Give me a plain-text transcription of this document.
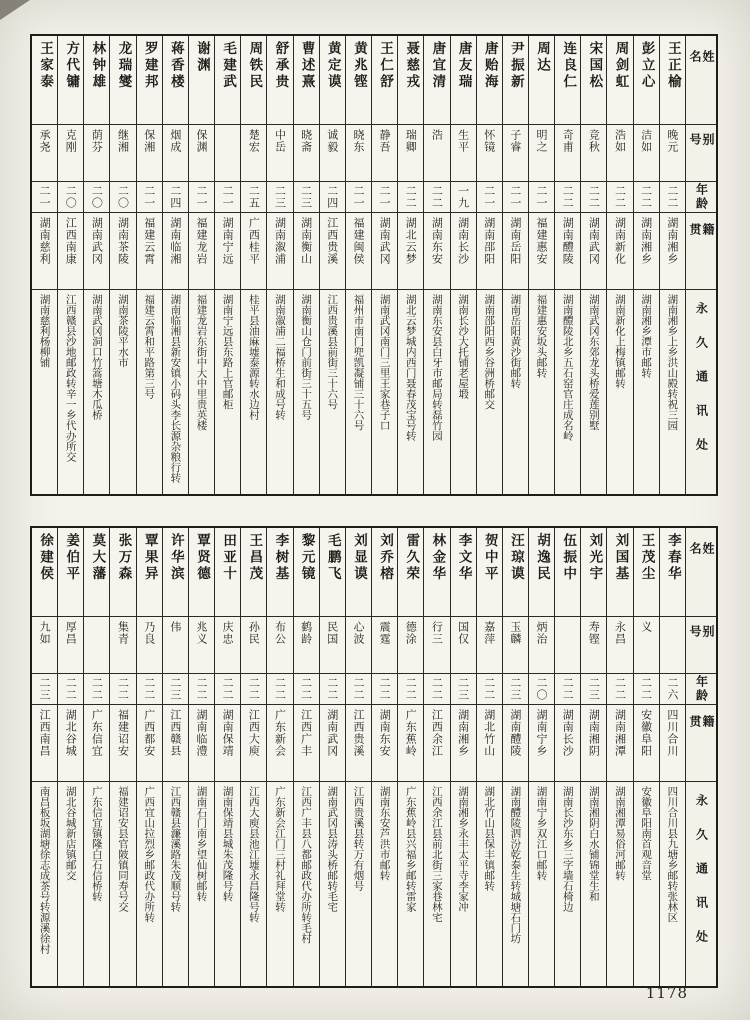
王家泰
承尧
二一
湖南慈利
湖南慈利杨柳铺
方代镛
克刚
二〇
江西南康
江西赣县沙地邮政转辛一乡代办所交
林钟雄
荫芬
二〇
湖南武冈
湖南武冈洞口竹篙塘木瓜桥
龙瑞燮
继湘
二〇
湖南茶陵
湖南茶陵平水市
罗建邦
保湘
二一
福建云霄
福建云霄和平路第三号
蒋香楼
烟成
二四
湖南临湘
湖南临湘县新安镇小码头李长源杂粮行转
谢渊
保渊
二一
福建龙岩
福建龙岩东街中大中里贵英楼
毛建武
二一
湖南宁远
湖南宁远县东路上官邮柜
周铁民
楚宏
二五
广西桂平
桂平县油麻墟泰源转水边村
舒承贵
中岳
二三
湖南溆浦
湖南溆浦二福桥生和成号转
曹述熹
晓斋
二三
湖南衡山
湖南衡山仓门前街三十五号
黄定谟
诚毅
二四
江西贵溪
江西贵溪县前街三十六号
黄兆铿
晓东
二一
福建闽侯
福州市南门兜凯凝铺三十六号
王仁舒
静吾
二一
湖南武冈
湖南武冈南门三里王家巷子口
聂慈戎
瑞卿
二二
湖北云梦
湖北云梦城内西门聂春茂宝号转
唐宜清
浩
二二
湖南东安
湖南东安县白牙市邮局转磊竹园
唐友瑞
生平
一九
湖南长沙
湖南长沙大托铺老屋塅
唐贻海
怀镜
二一
湖南邵阳
湖南邵阳西乡谷洲桥邮交
尹振新
子睿
二一
湖南岳阳
湖南岳阳黄沙街邮转
周达
明之
二一
福建惠安
福建惠安坂头邮转
连良仁
奇甫
二二
湖南醴陵
湖南醴陵北乡五石窑官庄成名岭
宋国松
竞秋
二二
湖南武冈
湖南武冈东郊龙头桥爱莲别墅
周剑虹
浩如
二二
湖南新化
湖南新化上梅镇邮转
彭立心
洁如
二二
湖南湘乡
湖南湘乡潭市邮转
王正榆
晚元
二二
湖南湘乡
湖南湘乡上乡洪山殿转祝三园
姓名
别号
年龄
籍贯
永久通讯处
徐建侯
九如
二三
江西南昌
南昌板坂湖塘徐志成茶号转源溪徐村
姜伯平
厚昌
二二
湖北谷城
湖北谷城新店镇邮交
莫大藩
二二
广东信宜
广东信宜镇隆白石信桥转
张万森
集青
二二
福建诏安
福建诏安县官陂镇同寿号交
覃果异
乃良
二二
广西都安
广西宜山拉烈乡邮政代办所转
许华滨
伟
二三
江西赣县
江西赣县濂溪路朱茂顺号转
覃贤德
兆义
二二
湖南临澧
湖南石门南乡望仙树邮转
田亚十
庆忠
二二
湖南保靖
湖南保靖县城朱茂隆号转
王昌茂
孙民
二二
江西大庾
江西大庾县池江墟永昌隆号转
李树基
布公
二二
广东新会
广东新会江门三村礼拜堂转
黎元镜
鹤龄
二二
江西广丰
江西广丰县八都邮政代办所转毛村
毛鹏飞
民国
二二
湖南武冈
湖南武冈县涛头桥邮转毛宅
刘显谟
心波
二二
江西贵溪
江西贵溪县转万有烟号
刘乔榕
震霆
二二
湖南东安
湖南东安芦洪市邮转
雷久荣
德涂
二二
广东蕉岭
广东蕉岭县兴福乡邮转雷家
林金华
行三
二二
江西余江
江西余江县前北街三家巷林宅
李文华
国仅
二三
湖南湘乡
湖南湘乡永丰太平寺李家冲
贺中平
嘉萍
二二
湖北竹山
湖北竹山县保丰镇邮转
汪琼谟
玉麟
二三
湖南醴陵
湖南醴陵泗汾乾泰生转城塘石门坊
胡逸民
炳治
二〇
湖南宁乡
湖南宁乡双江口邮转
伍振中
二二
湖南长沙
湖南长沙东乡三字墙石椅边
刘光宇
寿铿
二三
湖南湘阴
湖南湘阴白水铺锦堂生和
刘国基
永昌
二二
湖南湘潭
湖南湘潭易俗河邮转
王茂尘
义
二二
安徽阜阳
安徽阜阳南首观音堂
李春华
二六
四川合川
四川合川县九塘乡邮转张林区
姓名
别号
年龄
籍贯
永久通讯处
1178
